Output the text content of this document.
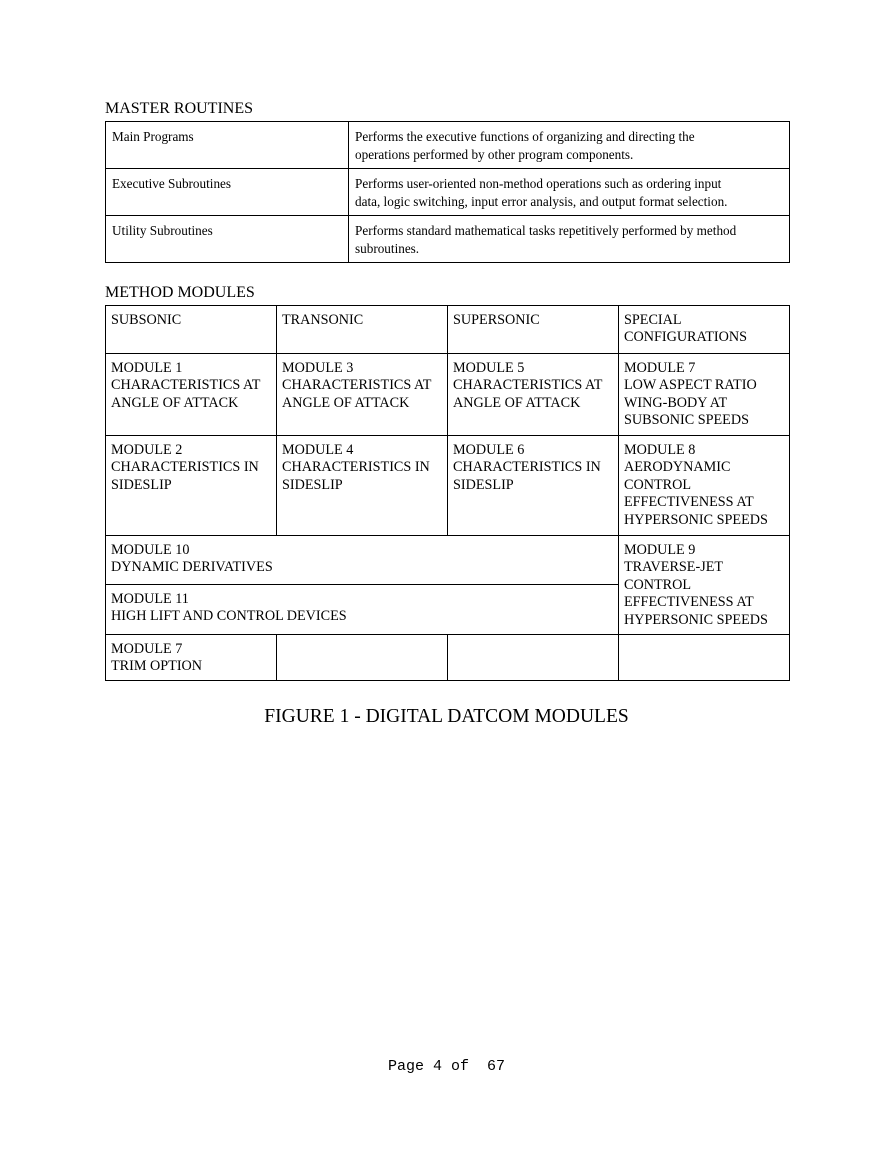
MASTER ROUTINES
Main Programs	Performs the executive functions of organizing and directing the
operations performed by other program components.

Executive Subroutines	Performs user-oriented non-method operations such as ordering input
data, logic switching, input error analysis, and output format selection.

Utility Subroutines	Performs standard mathematical tasks repetitively performed by method
subroutines.
METHOD MODULES
SUBSONIC	TRANSONIC	SUPERSONIC	SPECIAL
CONFIGURATIONS

MODULE 1
CHARACTERISTICS AT
ANGLE OF ATTACK	MODULE 3
CHARACTERISTICS AT
ANGLE OF ATTACK	MODULE 5
CHARACTERISTICS AT
ANGLE OF ATTACK	MODULE 7
LOW ASPECT RATIO
WING-BODY AT
SUBSONIC SPEEDS

MODULE 2
CHARACTERISTICS IN
SIDESLIP	MODULE 4
CHARACTERISTICS IN
SIDESLIP	MODULE 6
CHARACTERISTICS IN
SIDESLIP	MODULE 8
AERODYNAMIC
CONTROL
EFFECTIVENESS AT
HYPERSONIC SPEEDS

MODULE 10
DYNAMIC DERIVATIVES			MODULE 9
TRAVERSE-JET
CONTROL
EFFECTIVENESS AT
HYPERSONIC SPEEDS

MODULE 11
HIGH LIFT AND CONTROL DEVICES			

MODULE 7
TRIM OPTION			

FIGURE 1 - DIGITAL DATCOM MODULES
Page 4 of  67
